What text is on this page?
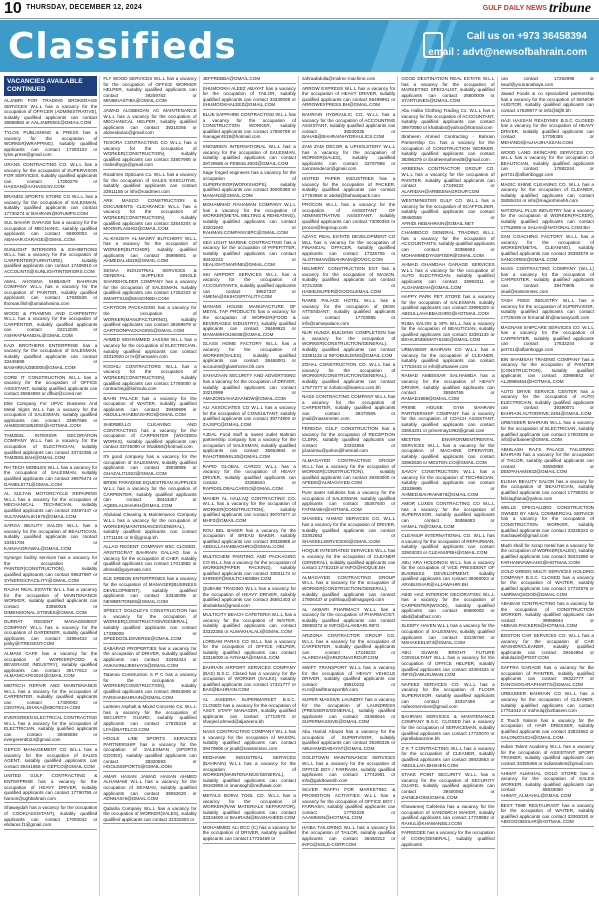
10 THURSDAY, DECEMBER 12, 2024	$^{GULF DAILY NEWS}$ tribune
Classifieds	Call us on +973 36458394
email : advt@newsofbahrain.com
VACANCIES AVAILABLE CONTINUED

ALJABRI FOR TRADING BROKERAGE SERVICES W.L.L has a vacancy for the occupation of OFFICER (ADMINISTRATIVE), suitably qualified applicants can contact 39858882 or AALJABRI501@GMAIL.COM

TYLOS PUBLISHING & PRESS has a vacancy for the occupation of WORKER(WRAPPING), suitably qualified applicants can contact 17293103 or tylos.press@gmail.com

URANS CONTRACTING CO. W.L.L has a vacancy for the occupation of SUPERVISOR FOR SERVICES, suitably qualified applicants can contact 17250279 or HASSAN@AAHASSAN.COM

BRANDS SPORTS STORE CO W.L.L has a vacancy for the occupation of SALESMAN, suitably qualified applicants can contact 17730274 or BAHRAIN@KRUMPS.COM

SUL BAHAR GARAGE has a vacancy for the occupation of MECHANIC, suitably qualified applicants can contact 66900003 or ABAHAR.GARAGE@GMAIL.COM

SUNLIGHT INTERIORS & EXHIBITIONS W.L.L has a vacancy for the occupation of CARPENTER(FURNITURE), suitably qualified applicants can contact 17406910 or ACCOUNTS@SUNLIGHTINTERIORS.COM

AMAL AHOSINA SHIBABAT BAHRAIN COMPANY W.L.L has a vacancy for the occupation of PAINTER, suitably qualified applicants can contact 17635535 or thomas.filoh@amalahosina.com

WOOD & FRAMING AND CARPENTRY W.L.L has a vacancy for the occupation of CARPENTER, suitably qualified applicants can contact 32212025 or ASHRAFMANDAL@GMAIL.COM

KAZI BROTHERS ENTERPRISE has a vacancy for the occupation of SALESMAN, suitably qualified applicants can contact 33445599 or BASHIRKAZIB0000@GMAIL.COM

CORE IT CONSTRUCTION W.L.L has a vacancy for the occupation of OFFICE ASSISTANT, suitably qualified applicants can contact 36664992 or dffaiz@coreit.net

Elite Company For UPVC Business And Metal Signs W.L.L has a vacancy for the occupation of SALESMAN, suitably qualified applicants can contact 33957666 or AHMED001852002@HOTMAIL.COM

TAMZEEL INTERIOR DECORATION COMPANY W.L.L has a vacancy for the occupation of ELECTRICIAN, suitably qualified applicants can contact 33742355 or TAMZEELBAH@GMAIL.COM

RH TECH MOBILES W.L.L has a vacancy for the occupation of SALESMAN, suitably qualified applicants can contact 39976474 or DANIEL5771@GMAIL.COM

AL SULTAN MOTORCYCLE REPAIRING W.L.L has a vacancy for the occupation of MECHANICAL TECHNICIAN, suitably qualified applicants can contact 33497447 or SULTANMALIK1976@GMAIL.COM

SARGA BEAUTY SALON W.L.L has a vacancy for the occupation of BEAUTICIAN, suitably qualified applicants can contact 33461784 or KAINAAGRAWAL@GMAIL.COM

Synergic facility services has a vacancy for the occupation of PAINTER(CONSTRUCTION), suitably qualified applicants can contact 66637697 or SYNERGICFACILITY@GMAIL.COM

RAJAH REAL ESTATE W.L.L has a vacancy for the occupation of MAINTENANCE WORKER, suitably qualified applicants can contact 33950025 or DIMENSIONAL.STONES@GMAIL.COM

DURRAT REGENT MANAGEMENT COMPANY W.L.L has a vacancy for the occupation of GARDENER, suitably qualified applicants can contact 33994433 or pinky@ITREGENT.COM

ALMANI CAFE has a vacancy for the occupation of WORKER(FOOD & BEVERAGE INDUSTRY), suitably qualified applicants can contact 39177612 or ALMANICAFE2024@GMAIL.COM

MIDTECH REPAIR AND MAINTENANCE W.L.L has a vacancy for the occupation of CARPENTER, suitably qualified applicants can contact 17400002 or CENTRAL.DHAKA@MIDTECH.COM

EVERGREEN ELECTRICAL CONTRACTING W.L.L has a vacancy for the occupation of ELECTRICIAN, suitably qualified applicants can contact 39466884 or evergreenbh24@gmail.com

GEPCO MANAGEMENT CO W.L.L has a vacancy for the occupation of SALES AGENT, suitably qualified applicants can contact 39441856 or GEPCO@GMAIL.COM

UNITED GULF CONTRACTING & ENTERPRISE has a vacancy for the occupation of HEAVY DRIVER, suitably qualified applicants can contact 17790755 or haroon@ughbahrain.com

Shawaydah has a vacancy for the occupation of COOK(ASSISTANT), suitably qualified applicants can contact 17093042 or ebdarus.f1@gmail.com

FLY WOOD SERVICES W.L.L has a vacancy for the occupation of OFFICE WORKER HELPER, suitably qualified applicants can contact 39209753 or MINIBHASTIBA@GMAIL.COM

JAWAD ALOBEIDAN AC MAINTENANCE W.L.L has a vacancy for the occupation of MECHANICAL HELPER, suitably qualified applicants can contact 39210255 or alobeidanac@gmail.com

TESORA CONTRACTING CO W.L.L has a vacancy for the occupation of WORKER(CONSTRUCTION), suitably qualified applicants can contact 33807905 or mahedhygo@gmail.com

Roadmen Opticians Co. W.L.L has a vacancy for the occupation of SALES EXECUTIVE, suitably qualified applicants can contact 33911155 or info@roadmen.com

ARK MASCO CONSTRUCTION & DOCUMENTS CLEARANCE W.L.L has a vacancy for the occupation of WORKER(CONSTRUCTION), suitably qualified applicants can contact 33540204 or MOONFLASH62@GMAIL.COM

AL-KHUSHY AL-MASRY BUTCHERY W.L.L has a vacancy for the occupation of WORKER(BUTCHER), suitably qualified applicants can contact 36985901 or AHMEDALI4819@GMAIL.COM

SENAA INDUSTRIAL SERVICES & GENERAL SUPPLIES SINGLE SHAREHOLDER COMPANY has a vacancy for the occupation of SALESMAN, suitably qualified applicants can contact 17252222 or SMARTS19@MASONIBH.COM

CARTOON PACKAGING has a vacancy for the occupation of WORKER(MANUFACTURING), suitably qualified applicants can contact 39269979 or CARTOONPACKAGING@GMAIL.COM

AHMED MOHAMMED JASSIM W.L.L has a vacancy for the occupation of ELECTRICIAN, suitably qualified applicants can contact 33310920 or hr@hamasim.com

KOOHLI CONTRACTORS W.L.L has a vacancy for the occupation of WORKER(CONSTRUCTION), suitably qualified applicants can contact 17760000 or contracting@kahoula.com

BAHN PALACE has a vacancy for the occupation of WAITER, suitably qualified applicants can contact 39466999 or ABDULLAHABBAGHROI@GMAIL.COM

SHERBELLO CLEANING AND CONTRACTING has a vacancy for the occupation of CARPENTER (WOODEN WORKS), suitably qualified applicants can contact 33745090 or Shaik60@hotmail.com

It's good company has a vacancy for the occupation of SALESMAN, suitably qualified applicants can contact 39038885 or GHAZALI71922@GMAIL.COM

BRIDE PARADISE EQUESTRIAN SUPPLIES W.L.L has a vacancy for the occupation of CARPENTER, suitably qualified applicants can contact 39443457 or AQEELALSHAIKH@GMAIL.COM

Abdulaal Cleaning & Maintenance Company W.L.L has a vacancy for the occupation of WORKER(MAINTENANCE/GENERAL), suitably qualified applicants can contact 17711191 or hr@jgroup.bh

ALLAG REGENT COMPANY BSC CLOSED, ARISTOCRAT BAHRAIN GALLAG has a vacancy for the occupation of CHEF, suitably qualified applicants can contact 17013882 or ahmed@guyenate.com

ELE DRIBON ENTERPRISES has a vacancy for the occupation of MANAGER(BUSINESS DEVELOPMENT), suitably qualified applicants can contact 33349395 or NEWBRITONE6@GMAIL.COM

SPEECT GOLDLEYS CONSTRUCTION has a vacancy for the occupation of WORKER(CONSTRUCTION/GENERAL), suitably qualified applicants can contact 17339009 or SPEEDGOLDSVERSE@GMAIL.COM

SABARAD PROPERTIES has a vacancy for the occupation of DRIVER, suitably qualified applicants can contact 33492444 or ANKAVINUJEEHAYS@GMAIL.COM

Tatanoa Construction S P C has a vacancy for the occupation of WORKER(CONSTRUCTION), suitably qualified applicants can contact 39824608 or FARSHABAHRAIN@GMAIL.COM

Lanteen Asphalt & Mixed Concrete Co. W.L.L has a vacancy for the occupation of SECURITY GUARD, suitably qualified applicants can contact 17825319 or LFA@BATELCO.COM

HOOLE LINE SPORTS SERVICES PARTNERSHIP has a vacancy for the occupation of SALESMAN (SPORTS GOODS), suitably qualified applicants can contact 38320593 or HOOLE8SPORTS@GMAIL.COM

AMAR HASAN JAWAD HASAN AHMED ALHAMAMI W.L.L has a vacancy for the occupation of SEAMAN, suitably qualified applicants can contact 39052020 or ADNNASHI@GMAIL.COM

Qabaha Company W.L.L has a vacancy for the occupation of WORKER(SALES), suitably qualified applicants can contact 32331803 or

JEFFREBBA@GMAIL.COM

SHUMOOKH ALEEZ ABAYAT has a vacancy for the occupation of TAILOR, suitably qualified applicants can contact 33330008 or SHUMOOKHALEEZ@GMAIL.COM

BLUE SAPPHIRE CONTRACTING W.L.L has a vacancy for the occupation of CONSTRUCTION WORKER, suitably qualified applicants can contact 17560769 or manager4519@hotmail.com

SNOWDEN INTERNATIONAL W.L.L has a vacancy for the occupation of SALESMAN, suitably qualified applicants can contact 39729586 or FE5816.4004@GMAIL.COM

Sage forged engineers has a vacancy for the occupation of SUPERVISOR(WORKSHOPS), suitably qualified applicants can contact 36000360 or MANAN3@GMAIL.COM

MOHAMMAD RAHAMAN COMPANY W.L.L has a vacancy for the occupation of WORKER(METAL MELTING & REHEATING), suitably qualified applicants can contact 33201640 or RAHMAN.COMPANY.BPC@GMAIL.COM

SEA LIGHT MARINE CONTRACTING has a vacancy for the occupation of PIPEFITTER, suitably qualified applicants can contact 38442222 or SEALIGHT.MARINE@GMAIL.COM

SKI AIRPORT SERVICES W.L.L has a vacancy for the occupation of ACCOUNTANTS, suitably qualified applicants can contact 38627337 or AMENA@SKIHOSPITALITY.COM

MANAMI HOUSE MANUFACTURE OF METAL TAP PRODUCTS has a vacancy for the occupation of WORKER(FOOD & BEVERAGES INDUSTRY), suitably qualified applicants can contact 39469922 or MANAMIHOUSE88@GMAIL.COM

GLASS HOME FACTORY W.L.L has a vacancy for the occupation of WORKER(SALES), suitably qualified applicants can contact 38468001 or accounts@glasshome.bh.com

SAHAZAAN SECURITY AND ADVERTISING has a vacancy for the occupation of DRIVER, suitably qualified applicants can contact 33210999 or AMAZONSAHAZAANDW@GMAIL.COM

ALI ASSOCIATES CO W.L.L has a vacancy for the occupation of CONSULTANT, suitably qualified applicants can contact 39774800 or ZAJSPC@GMAIL.COM

AJDAL Food stuff & sweet outlet Bahrain partnership company has a vacancy for the occupation of SALESMAN, suitably qualified applicants can contact 35663684 or RAHOTIBMHIL30@GMAIL.COM

RAPID GLOBAL CARGO W.L.L has a vacancy for the occupation of HEAVY DRIVER, suitably qualified applicants can contact 33266544 or RAPIDGLOBALCARGO@GMAIL.COM

MAHER AL HALLAQ CONTRACTING CO. W.L.L has a vacancy for the occupation of WORKER(CONSTRUCTION), suitably qualified applicants can contact 39707977 or MHFZ@GMAIL.COM

ROU BEL BAKER has a vacancy for the occupation of BREAD BAKER, suitably qualified applicants can contact 39326888 or ABDULLAHABBAGHRO@GMAIL.COM

MULTICHEM PAINTING AND PACKAGING CO W.L.L has a vacancy for the occupation of WORKER(PAPER PACKING), suitably qualified applicants can contact 33931174 or SHREEF@MULTICHEMBH.COM

QUBAIBI TRADING W.L.L has a vacancy for the occupation of HEAVY DRIVER, suitably qualified applicants can contact 36561403 or abubakkar@gmail.com

MULTICITY BEACH CAFETERIA W.L.L has a vacancy for the occupation of WAITER, suitably qualified applicants can contact 33322355 or ALMAKHALALI@GMAIL.COM

LOREAM PARAS CO W.L.L has a vacancy for the occupation of OFFICE HELPER, suitably qualified applicants can contact 33315000 or AYNAMA@GMAIL.COM

BAHRAIN AIRPORT SERVICES COMPANY (BAS) B.S.C. Closed has a vacancy for the occupation of WORKER (SALES), suitably qualified applicants can contact 17321777 or BAS@BAHRAIN.COM

AL JASEERA SUPERMARKET B.S.C. CLOSED has a vacancy for the occupation of ASST. STAFF MANAGER, suitably qualified applicants can contact 17712070 or sharjeel.ahmed@aljazeera.bh

NASS CONTRACTING COMPANY W.L.L has a vacancy for the occupation of MASON, suitably qualified applicants can contact 39470905 or jmail@nassmmtec.com

REDHAWK INDUSTRIAL SERVICES (BAHRAIN) W.L.L has a vacancy for the occupation of WORKER(MAINTENANCE/GENERAL), suitably qualified applicants can contact 39163958 or imansogh@redhawk.com

METALS BORAI TOOL CO. W.L.L has a vacancy for the occupation of WORKER(RAW MATERIALS SEPARATOR), suitably qualified applicants can contact 33324600 or BAHRAIN@BASHAHEED.COM

MOHAMMED ALI BCC (C) has a vacancy for the occupation of DRIVER, suitably qualified applicants can contact 17726459 or

zahraabdulla@midmc-machine.com

ARROW EXPRESS W.L.L has a vacancy for the occupation of HEAVY DRIVER, suitably qualified applicants can contact 66499991 or ARROWEXPRESS.BH@GMAIL.COM

BAHRAIN HYDRAULIC CO. W.L.L has a vacancy for the occupation of ACCOUNTING ASSISTANT, suitably qualified applicants can contact 38030035 or BAHAB@BAHRAINHYDRAULICS.COM

ZAM ZAM DECOR & UPHOLSTERY W.L.L has a vacancy for the occupation of WORKER(SALES), suitably qualified applicants can contact 33797958 or zamzamdecor@gmail.com

UNITED PAPER INDUSTRIES has a vacancy for the occupation of PACKER, suitably qualified applicants can contact 17763650 or abdul@bahrainpack.com

PROCON W.L.L has a vacancy for the occupation of ASSISTANT OF ADMINISTRATIVE ASSISTANT, suitably qualified applicants can contact 73000353 or procon@hegroup.com

AZAYC REAL ESTATE DEVELOPMENT CO WLL has a vacancy for the occupation of FINANCIAL OFFICER, suitably qualified applicants can contact 17326705 or ALOTHMAN@BAHRAIN@OVGC.COM

HELMERY CONSTRUCTION EST has a vacancy for the occupation of MASON, suitably qualified applicants can contact 37212266 or HABIBJSUPER@GOOGLEMAIL.COM

RAMIE PALACE HOTEL W.L.L has a vacancy for the occupation of DESK ATTENDANT, suitably qualified applicants can contact 17703855 or info@ramiepalace.com

NUR HUNZA BUILDING COMPLETION has a vacancy for the occupation of WORKER(CONSTRUCTION/GENERAL), suitably qualified applicants can contact 33391132 or INFOBUILDING@GMAIL.COM

ZOHAL CONSTRUCTION CO. W.L.L has a vacancy for the occupation of WORKER(CONSTRUCTION/GENERAL), suitably qualified applicants can contact 17877277 or zohalco@batelco.com.bh

NASS CONTRACTING COMPANY W.L.L has a vacancy for the occupation of CARPENTER, suitably qualified applicants can contact 39470905 or jmail@nassmmtec.com

FEREIDA GULF CONSTRUCTION has a vacancy for the occupation of RECEPTION CLERK, suitably qualified applicants can contact 33322655 or jclarainsu@yahoo@hotmail.com

ALMAGAYED CONTRACTING GROUP W.L.L has a vacancy for the occupation of WORKER(CONSTRUCTION), suitably qualified applicants can contact 39303000 or AFEEE@ALMAGAYED.COM

Pure water solutions has a vacancy for the occupation of SALESMAN, suitably qualified applicants can contact 35357640 or FATIMABH@HOTMAIL.COM

SHAKEEL AHMAD SERVICES CO. W.L.L has a vacancy for the occupation of DRIVER, suitably qualified applicants can contact 33302652 or SHAKEELSERVICES0@GMAIL.COM

HOQUE INTEGRATED SERVICES W.L.L has a vacancy for the occupation of CLEANER (GENERAL), suitably qualified applicants can contact 17752219 or INFO@HOQUE.BH

ALMAGAYED CONTRACTING GROUP W.L.L has a vacancy for the occupation of WORKER(CONSTRUCTION/GENERAL), suitably qualified applicants can contact 17806437 or pothfaqu@almagayed.com

AL AKBARI PHARMACY W.L.L has a vacancy for the occupation of PHARMACIST, suitably qualified applicants can contact 39658272 or INFO@ALAKBARI.INFO

ARIZONA CONTRACTOR GROUP CO. W.L.L has a vacancy for the occupation of CARPENTER, suitably qualified applicants can contact 17249222 or ALARIDAH@ARIZONAGROUP.COM

SWIFT TRANSPORT W.L.L has a vacancy for the occupation of HEAVY VEHICLE DRIVER, suitably qualified applicants can contact 39910232 or m.m@swifttransportbh.com

SUPER MASSIVE LAUNDRY has a vacancy for the occupation of LAUNDRESS (PRESSERS/GENERAL), suitably qualified applicants can contact 33468644 or SUPERMASSIVE@GMAIL.COM

Abu Hamid Abayat has a vacancy for the occupation of SUPERVISOR, suitably qualified applicants can contact 35305325 or ABUHAMIDABAYAT@GMAIL.COM

GOLDTOWN MAINTENANCE SERVICES W.L.L has a vacancy for the occupation of OFFICE BOY / FARRASH, suitably qualified applicants can contact 17742961 or info@goldtownbh.com

SILVER RAFFH FOR MARKETING & PROMOTION ACTIVITIES W.L.L has a vacancy for the occupation of OFFICE BOY / FARRASH, suitably qualified applicants can contact 17752228 or AAAMMSN@HOTMAIL.COM

HAIBA TAILORING W.L.L has a vacancy for the occupation of TAILOR, suitably qualified applicants can contact 36450312 or INFO@SOLE-CORP.COM

GOOD DESTINATION REAL ESTATE W.L.L has a vacancy for the occupation of MARKETING SPECIALIST, suitably qualified applicants can contact 36800009 or STARTUNEG@GMAIL.COM

Abu Halita Clothing Trading Co. W.L.L has a vacancy for the occupation of ACCOUNTANT, suitably qualified applicants can contact 39970950 or khattabo@yahoo@hotmail.com

Ibraheem Ahmed Contracting - Bahrain Partnership Co. has a vacancy for the occupation of CONSTRUCTION WORKER, suitably qualified applicants can contact 36396379 or ibraheemahmed8@gmail.com

ARBEENA CONTRACTOR GROUP CO. W.L.L has a vacancy for the occupation of PAINTER, suitably qualified applicants can contact 17249222 or ALARIDAH@ARBEENAGROUP.COM

WESTMINISTER GULF CO. W.L.L has a vacancy for the occupation of SCAFFOLDER, suitably qualified applicants can contact 39460565 or AFRIDI.HEBAHRAIN@GMAIL.NET

CHAMBOCO GENERAL TRADING W.L.L has a vacancy for the occupation of ACCOUNTANTS, suitably qualified applicants can contact 33366662 or MOHAMMEDYASIFISER@GMAIL.COM

AHMAD GHAMDAH GARAGE SERVICES W.L.L has a vacancy for the occupation of AUTO ELECTRICIAN, suitably qualified applicants can contact 36993311 or ALGHAMDAH@GMAIL.COM

HAPPY PARK PET STORE has a vacancy for the occupation of SALESMAN, suitably qualified applicants can contact 33995329 or ABDULLAHABBAGHRO@HOTMAIL.COM

RUBA SALON & SPA W.L.L has a vacancy for the occupation of BEAUTICIAN, suitably qualified applicants can contact 33391133 or BSHAJINDEMATHUSE@GMAIL.COM

URBASEER BAHRAIN CO W.L.L has a vacancy for the occupation of CLEANER, suitably qualified applicants can contact 17753442 or info@urbaseer.com

RAMAD AMBISSAR SALHAMIDA has a vacancy for the occupation of HEAVY DRIVER, suitably qualified applicants can contact 35506755 or RAMAD1989@GMAIL.COM

PRIME HOUSE GYM BAHRAIN PARTNERSHIP COMPANY has a vacancy for the occupation of COACH ASSISTANT, suitably qualified applicants can contact 33664201 or primemay1992@gmail.com

MESTEN ENVIRONMENT/RENTAL SERVICES W.L.L has a vacancy for the occupation of MACHINE OPERATOR, suitably qualified applicants can contact 33982630 or MESTEN.CO@GMAIL.COM

SAVOY CONSTRUCTION W.L.L has a vacancy for the occupation of TECHNICIAN, suitably qualified applicants can contact 33339895 or AHMED.BAHRAIN875@GMAIL.COM

AMOR LUXES CONTRACTING CO W.L.L has a vacancy for the occupation of SUPERVISOR, suitably qualified applicants can contact 39366683 or HAMAL.76@GMAIL.COM

CLEANUP INTERNATIONAL CO. W.L.L has a vacancy for the occupation of REPAIRMAN, suitably qualified applicants can contact 33903033 or CLEANUPBH@GMAIL.COM

ABU ARA HOLDINGS W.L.L has a vacancy for the occupation of VICE PRESIDENT OF BUSINESS DEVELOPMENT, suitably qualified applicants can contact 39360023 or ARABUSHAR@ALJAWAHIR.BH

ABID HAZ INTERIOR DECORATION W.L.L has a vacancy for the occupation of CARPENTER(WOOD), suitably qualified applicants can contact 66680082 or abid@abidhaz.com

SLEEPY HAVEN W.L.L has a vacancy for the occupation of SALESMAN, suitably qualified applicants can contact 33135760 or MSHAKEEL973@GMAIL.COM

ABU SUWAN BRIGHT FUTURE CONSULTANT W.L.L has a vacancy for the occupation of OFFICE HELPER, suitably qualified applicants can contact 33394334 or INFO@ABUSUWAN.COM

NAFEEZ SERVICES CO. W.L.L has a vacancy for the occupation of FLOOR SUPERVISOR, suitably qualified applicants can contact 33337466 or nafeezservices@gmail.com

BAHRAIN SERVICES & MAINTENANCE COMPANY B.S.C. CLOSED has a vacancy for the occupation of SERVICEMAN, suitably qualified applicants can contact 17720070 or jsprellabanzone.bh

Z K T CONTRACTING W.L.L has a vacancy for the occupation of CLEANER, suitably qualified applicants can contact 39833563 or ABDULLAH.BHSHEN.COM

STAKE POINT SECURITY W.L.L has a vacancy for the occupation of SECURITY GUARD, suitably qualified applicants can contact 39400062 or ZAINEJHOMUGMAIL.COM

Khawaneej Cafeteria has a vacancy for the occupation of SANDWICH MAKER, suitably qualified applicants can contact 17728992 or RAHUL@KHAWANEEJ.COM

FAREEDEE has a vacancy for the occupation of COOK(GENERAL), suitably qualified applicants

can contact 17262998 or saud@yourranabaya.com

Jawad Foods & co specialized partnership has a vacancy for the occupation of SENIOR AUDITOR, suitably qualified applicants can contact 17538977 or info@ldjfrl.bh

HAJI HASSAN READYMIX B.S.C CLOSED has a vacancy for the occupation of HEAVY DRIVER, suitably qualified applicants can contact 17795355 or MEHANDI@ALHAJIHASSAN.COM

WOOD LAND SKINCARE SERVICES CO. W.L.L has a vacancy for the occupation of BEAUTICIAN, suitably qualified applicants can contact 17882244 or pet721@alfarriboggs.com

MAGIC SHINE CLEANING CO. W.L.L has a vacancy for the occupation of CLEANER, suitably qualified applicants can contact 39285434 or info@magicshinebh.com

NATIONAL PLUS INDUSTRY has a vacancy for the occupation of WORKER(PACKER), suitably qualified applicants can contact 17752969 or SALHA@NATIONAL.COM.BH

SAN COACHING FACTORY W.L.L has a vacancy for the occupation of WORKER(METAL CLEANING), suitably qualified applicants can contact 39393579 or SANCOREE@GMAIL.COM

NASS CONTRACTING COMPANY (W.L.L) has a vacancy for the occupation of CARPENTER, suitably qualified applicants can contact 39470905 or jmail@nassmmtec.com

TASH FEED INDUSTRY W.L.L has a vacancy for the occupation of SUPERVISOR, suitably qualified applicants can contact 17729435 or hrmanal.bh@tamanyouth.com

MAGNANI SHIPCARE SERVICES CO. W.L.L has a vacancy for the occupation of CARPENTER, suitably qualified applicants can contact 17632244 or pet721@alfarriboggs.com

BIN SHAMSAH TRADING COMPANY has a vacancy for the occupation of PAINTER (CONSTRUCTION), suitably qualified applicants can contact 33966842 or ALJ9969464@HOTMAIL.COM

AUTO DRIVE SERVICE CENTER has a vacancy for the occupation of AUTO ELECTRICIAN, suitably qualified applicants can contact 39390071 or BAHRAIN.AUTODRIVE.2484@GMAIL.COM

URBASEER BAHRAIN W.L.L has a vacancy for the occupation of ELECTRICIAN, suitably qualified applicants can contact 17803635 or info@urbaseer@GMAIL.COM

ABHILASH RAJ'S PALACE TAILORING BAHRAIN has a vacancy for the occupation of TAILOR, suitably qualified applicants can contact 33660868 or DEEPAHAM4932@GMAIL.COM

ELISHA BEAUTY SALON has a vacancy for the occupation of BEAUTICIAN, suitably qualified applicants can contact 17789331 or feliciaghana@yahoo.com

WELLE SPECIALIZED CONSTRUCTION OWNED BY ABAL COMMERCIAL SERVICE has a vacancy for the occupation of CONSTRUCTION WORKER, suitably qualified applicants can contact 33328222 or macbaweb@gmail.com

Mush shall for scrap metal has a vacancy for the occupation of WORKER(SALES), suitably qualified applicants can contact 38431990 or FARHANNAWAAHG@HOTMAIL.COM

GOLD GREEN MULTI SERVICES HOLDING COMPANY B.S.C. CLOSED has a vacancy for the occupation of WAITER, suitably qualified applicants can contact 17722976 or AMIRMAQSOOD@GMAIL.COM

ABABASI CONTRACTING has a vacancy for the occupation of CONSTRUCTION WORKER, suitably qualified applicants can contact 39969944 or ABBASI.PACKERS@HOTMAIL.COM

BOSTON CAR SERVICES CO. W.L.L has a vacancy for the occupation of CAR WASHER/CLEANER, suitably qualified applicants can contact 39464954 or abdulaziz@POST.COM

SAFFRA GARAGE has a vacancy for the occupation of PAINTER, suitably qualified applicants can contact 39322777 or DANGSOGARAPHARTS@GMAIL.COM

URBASEER BAHRAIN CO W.L.L has a vacancy for the occupation of CLEANER, suitably qualified applicants can contact 17753442 or mahrulq@urbaseer.com

Z Touch Saloon has a vacancy for the occupation of HAIR DRESSER, suitably qualified applicants can contact 33823662 or SALONZOUCH@GMAIL.COM

Indian Talent Academy W.L.L has a vacancy for the occupation of ASSISTANT SPORT TRAINER, suitably qualified applicants can contact 33355466 or indiantalent@gmail.com

AHMAT ALMAHAL GOLD STORE has a vacancy for the occupation of SALES WORKER, suitably qualified applicants can contact 66933060 or AHMAT_ALMAHAL@GMAIL.COM

BEST TIME RESTAURANT has a vacancy for the occupation of WAITER, suitably qualified applicants can contact 33363030 or ABOGOOBSSAR@HOTMAIL.COM
